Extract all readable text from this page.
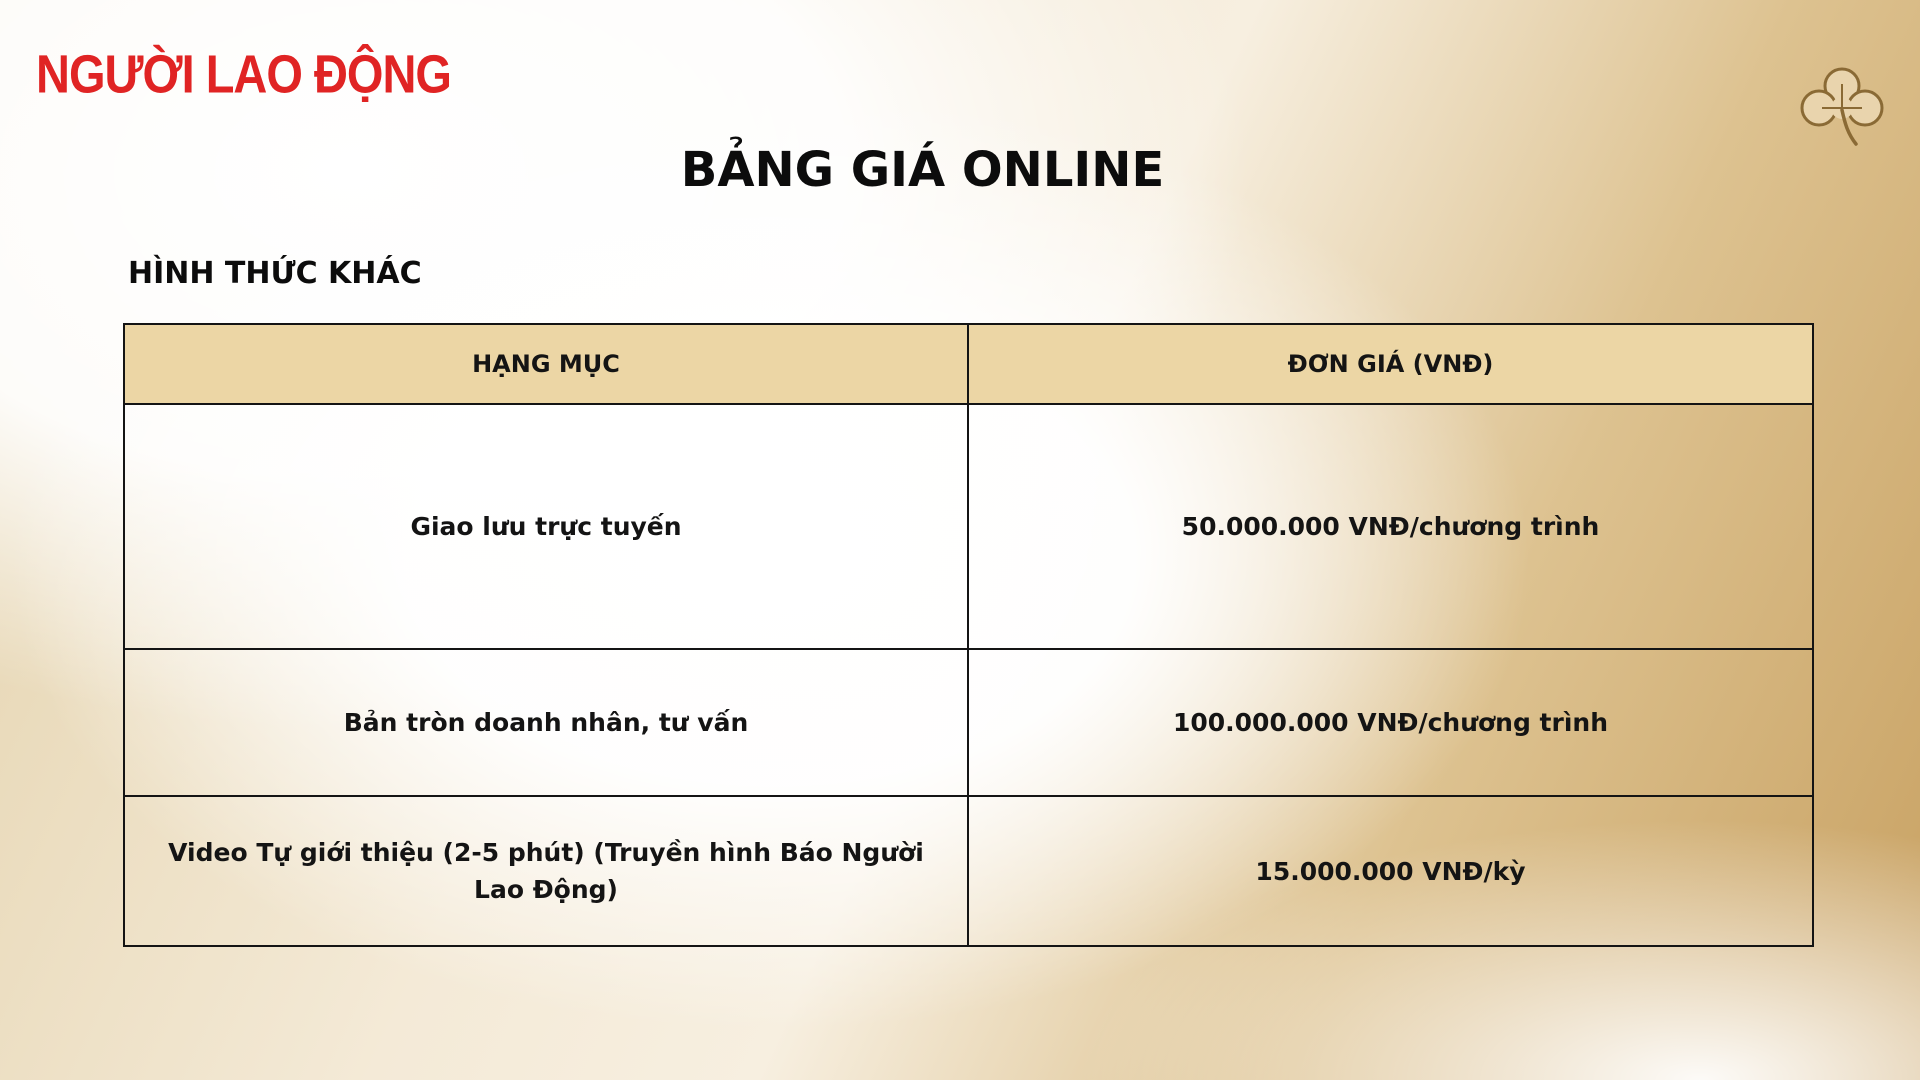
NGƯỜI LAO ĐỘNG
BẢNG GIÁ ONLINE
HÌNH THỨC KHÁC
HẠNG MỤC	ĐƠN GIÁ (VNĐ)
Giao lưu trực tuyến	50.000.000 VNĐ/chương trình
Bản tròn doanh nhân, tư vấn	100.000.000 VNĐ/chương trình
Video Tự giới thiệu (2-5 phút) (Truyền hình Báo Người Lao Động)	15.000.000 VNĐ/kỳ
